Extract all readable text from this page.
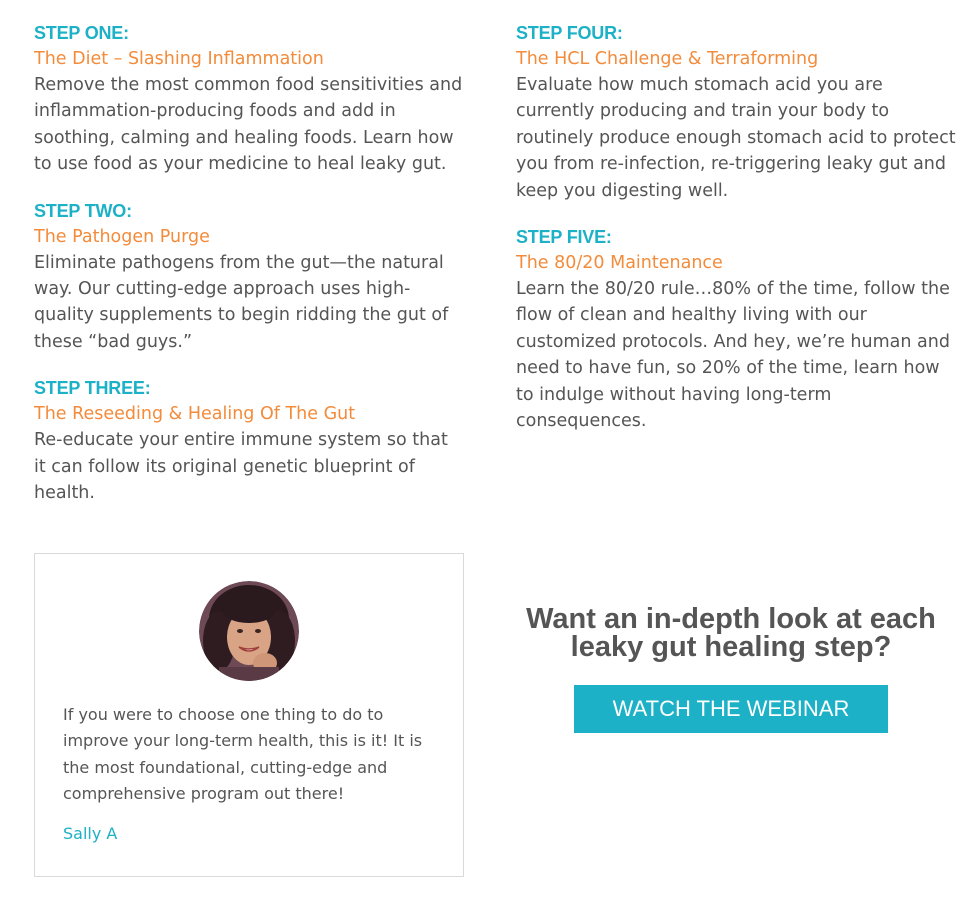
STEP ONE:
The Diet – Slashing Inflammation
Remove the most common food sensitivities and inflammation-producing foods and add in soothing, calming and healing foods. Learn how to use food as your medicine to heal leaky gut.
STEP TWO:
The Pathogen Purge
Eliminate pathogens from the gut—the natural way. Our cutting-edge approach uses high-quality supplements to begin ridding the gut of these “bad guys.”
STEP THREE:
The Reseeding & Healing Of The Gut
Re-educate your entire immune system so that it can follow its original genetic blueprint of health.
STEP FOUR:
The HCL Challenge & Terraforming
Evaluate how much stomach acid you are currently producing and train your body to routinely produce enough stomach acid to protect you from re-infection, re-triggering leaky gut and keep you digesting well.
STEP FIVE:
The 80/20 Maintenance
Learn the 80/20 rule…80% of the time, follow the flow of clean and healthy living with our customized protocols. And hey, we’re human and need to have fun, so 20% of the time, learn how to indulge without having long-term consequences.
If you were to choose one thing to do to improve your long-term health, this is it! It is the most foundational, cutting-edge and comprehensive program out there!
Sally A
Want an in-depth look at each leaky gut healing step?
WATCH THE WEBINAR
